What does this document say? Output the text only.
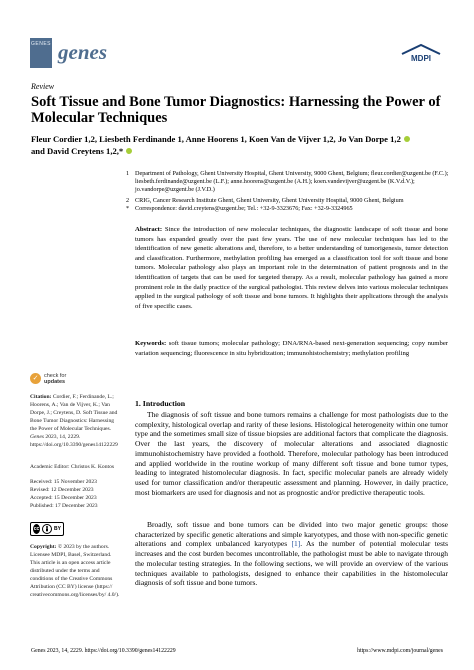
GENES genes	MDPI
Review
Soft Tissue and Bone Tumor Diagnostics: Harnessing the Power of Molecular Techniques
Fleur Cordier 1,2, Liesbeth Ferdinande 1, Anne Hoorens 1, Koen Van de Vijver 1,2, Jo Van Dorpe 1,2
and David Creytens 1,2,*
1 Department of Pathology, Ghent University Hospital, Ghent University, 9000 Ghent, Belgium; fleur.cordier@uzgent.be (F.C.); liesbeth.ferdinande@uzgent.be (L.F.); anne.hoorens@uzgent.be (A.H.); koen.vandevijver@uzgent.be (K.V.d.V.); jo.vandorpe@uzgent.be (J.V.D.)
2 CRIG, Cancer Research Institute Ghent, Ghent University, Ghent University Hospital, 9000 Ghent, Belgium
* Correspondence: david.creytens@uzgent.be; Tel.: +32-9-3323676; Fax: +32-9-3324965
Abstract: Since the introduction of new molecular techniques, the diagnostic landscape of soft tissue and bone tumors has expanded greatly over the past few years. The use of new molecular techniques has led to the identification of new genetic alterations and, therefore, to a better understanding of tumorigenesis, tumor detection and classification. Furthermore, methylation profiling has emerged as a classification tool for soft tissue and bone tumors. Molecular pathology also plays an important role in the determination of patient prognosis and in the identification of targets that can be used for targeted therapy. As a result, molecular pathology has gained a more prominent role in the daily practice of the surgical pathologist. This review delves into various molecular techniques applied in the surgical pathology of soft tissue and bone tumors. It highlights their applications through the analysis of five specific cases.
Keywords: soft tissue tumors; molecular pathology; DNA/RNA-based next-generation sequencing; copy number variation sequencing; fluorescence in situ hybridization; immunohistochemistry; methylation profiling
✓	check for
updates
Citation: Cordier, F.; Ferdinande, L.; Hoorens, A.; Van de Vijver, K.; Van Dorpe, J.; Creytens, D. Soft Tissue and Bone Tumor Diagnostics: Harnessing the Power of Molecular Techniques. Genes 2023, 14, 2229. https://doi.org/10.3390/genes14122229
Academic Editor: Christos K. Kontos
Received: 15 November 2023
Revised: 12 December 2023
Accepted: 15 December 2023
Published: 17 December 2023
cc	BY
Copyright: © 2023 by the authors. Licensee MDPI, Basel, Switzerland. This article is an open access article distributed under the terms and conditions of the Creative Commons Attribution (CC BY) license (https:// creativecommons.org/licenses/by/ 4.0/).
1. Introduction
The diagnosis of soft tissue and bone tumors remains a challenge for most pathologists due to the complexity, histological overlap and rarity of these lesions. Histological heterogeneity within one tumor type and the sometimes small size of tissue biopsies are additional factors that complicate the diagnosis. Over the last years, the discovery of molecular alterations and associated diagnostic immunohistochemistry have provided a foothold. Therefore, molecular pathology has been introduced and applied worldwide in the routine workup of many different soft tissue and bone tumor types, leading to integrated histomolecular diagnosis. In fact, specific molecular panels are already widely used for tumor classification and/or therapeutic assessment and planning. However, in daily practice, most biomarkers are used for diagnosis and not as prognostic and/or predictive therapeutic tools.
Broadly, soft tissue and bone tumors can be divided into two major genetic groups: those characterized by specific genetic alterations and simple karyotypes, and those with non-specific genetic alterations and complex unbalanced karyotypes [1]. As the number of potential molecular tests increases and the cost burden becomes uncontrollable, the pathologist must be able to navigate through the molecular testing strategies. In the following sections, we will provide an overview of the various techniques available to pathologists, designed to enhance their capabilities in the histomolecular diagnosis of soft tissue and bone tumors.
Genes 2023, 14, 2229. https://doi.org/10.3390/genes14122229	https://www.mdpi.com/journal/genes
